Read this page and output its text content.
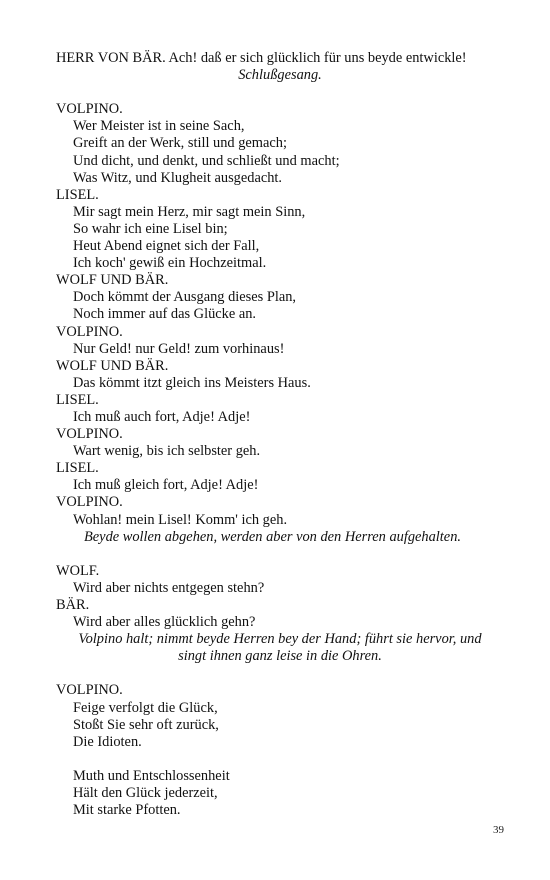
HERR VON BÄR. Ach! daß er sich glücklich für uns beyde entwickle!
Schlußgesang.
VOLPINO.
Wer Meister ist in seine Sach,
Greift an der Werk, still und gemach;
Und dicht, und denkt, und schließt und macht;
Was Witz, und Klugheit ausgedacht.
LISEL.
Mir sagt mein Herz, mir sagt mein Sinn,
So wahr ich eine Lisel bin;
Heut Abend eignet sich der Fall,
Ich koch' gewiß ein Hochzeitmal.
WOLF UND BÄR.
Doch kömmt der Ausgang dieses Plan,
Noch immer auf das Glücke an.
VOLPINO.
Nur Geld! nur Geld! zum vorhinaus!
WOLF UND BÄR.
Das kömmt itzt gleich ins Meisters Haus.
LISEL.
Ich muß auch fort, Adje! Adje!
VOLPINO.
Wart wenig, bis ich selbster geh.
LISEL.
Ich muß gleich fort, Adje! Adje!
VOLPINO.
Wohlan! mein Lisel! Komm' ich geh.
Beyde wollen abgehen, werden aber von den Herren aufgehalten.
WOLF.
Wird aber nichts entgegen stehn?
BÄR.
Wird aber alles glücklich gehn?
Volpino halt; nimmt beyde Herren bey der Hand; führt sie hervor, und
singt ihnen ganz leise in die Ohren.
VOLPINO.
Feige verfolgt die Glück,
Stoßt Sie sehr oft zurück,
Die Idioten.
Muth und Entschlossenheit
Hält den Glück jederzeit,
Mit starke Pfotten.
39
